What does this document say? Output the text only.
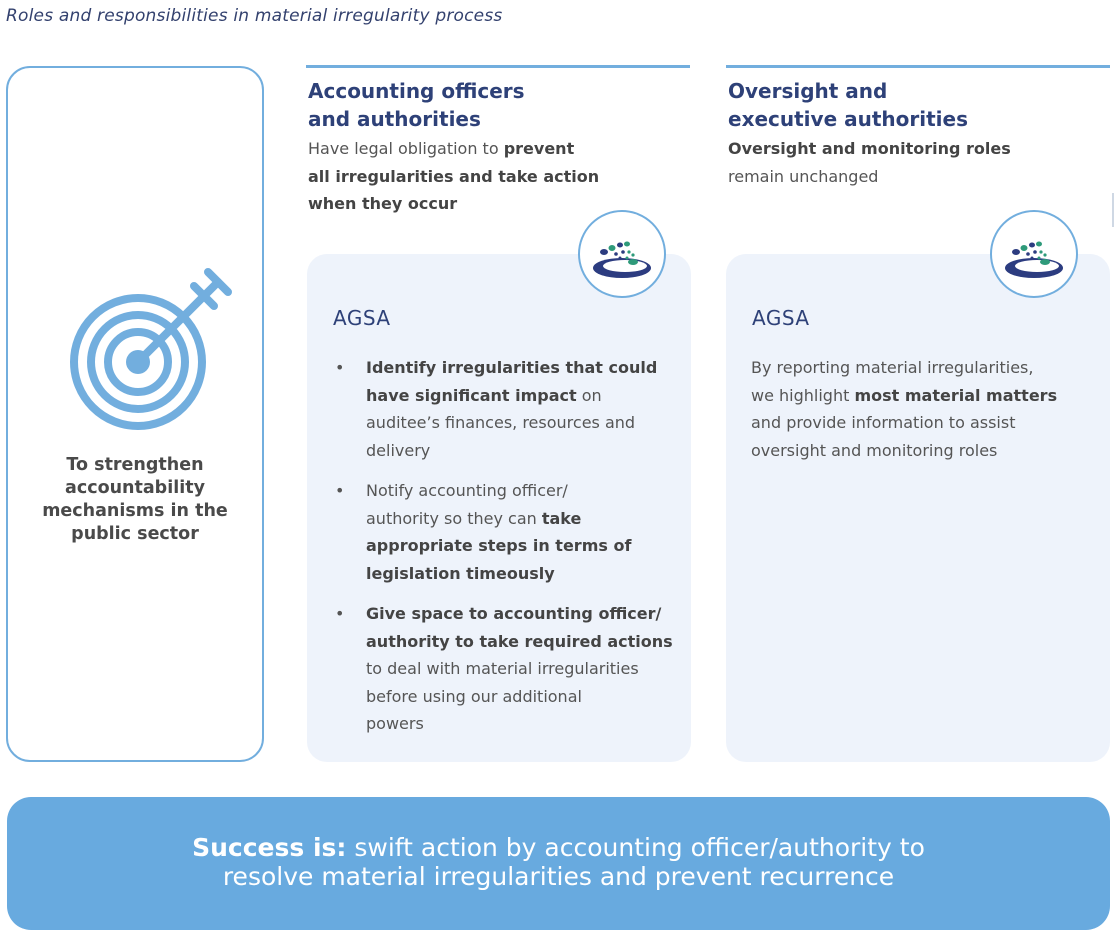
Roles and responsibilities in material irregularity process
To strengthen
accountability
mechanisms in the
public sector
Accounting officers
and authorities
Have legal obligation to prevent
all irregularities and take action
when they occur
Oversight and
executive authorities
Oversight and monitoring roles
remain unchanged
AGSA
• Identify irregularities that could
have significant impact on
auditee’s finances, resources and
delivery
• Notify accounting officer/
authority so they can take
appropriate steps in terms of
legislation timeously
• Give space to accounting officer/
authority to take required actions
to deal with material irregularities
before using our additional
powers
AGSA
By reporting material irregularities,
we highlight most material matters
and provide information to assist
oversight and monitoring roles
Success is: swift action by accounting officer/authority to
resolve material irregularities and prevent recurrence
